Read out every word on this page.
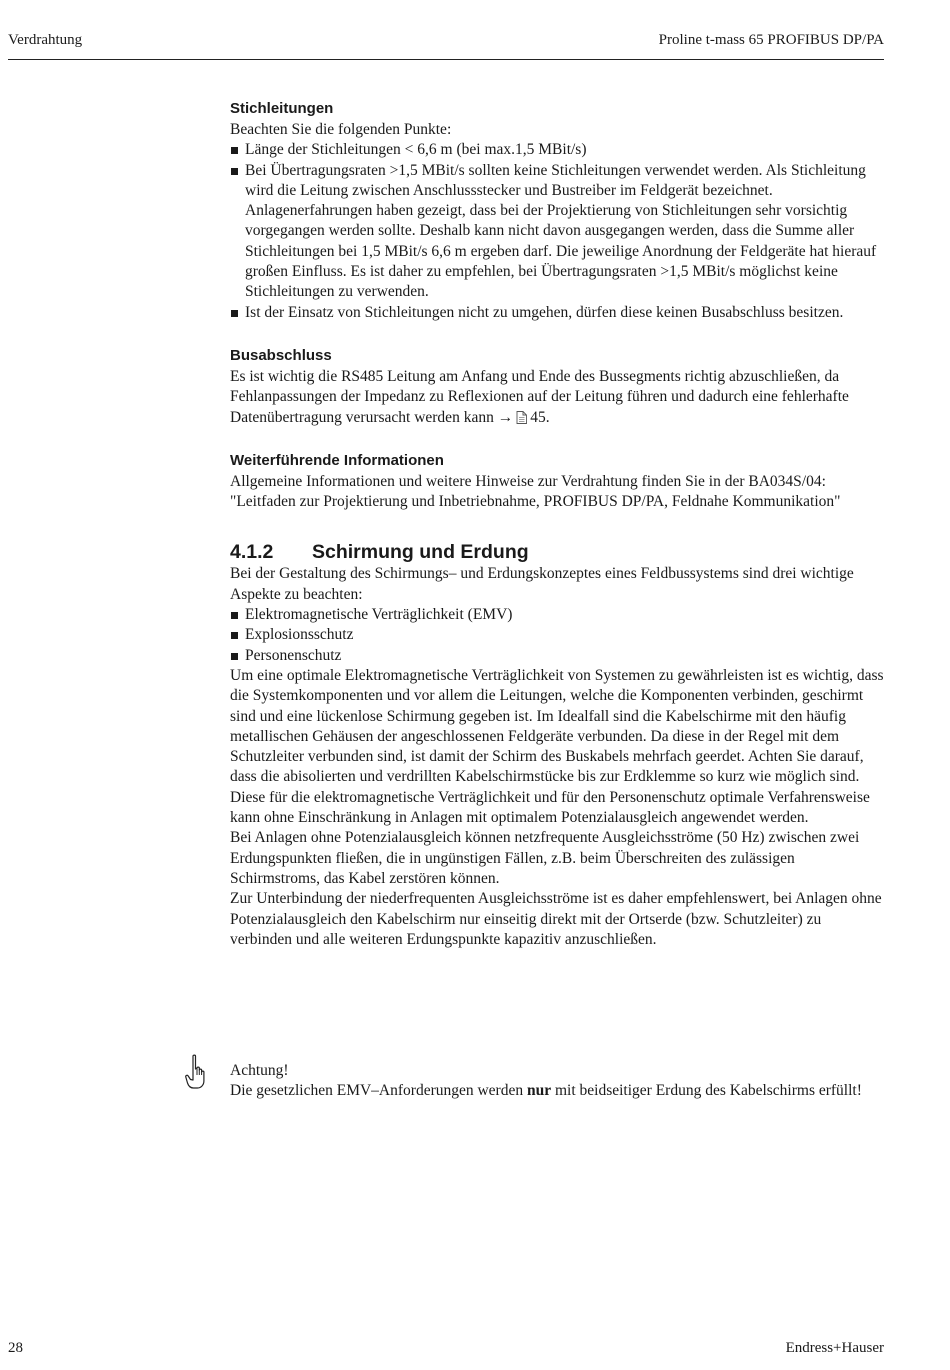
Verdrahtung	Proline t-mass 65 PROFIBUS DP/PA
Stichleitungen

Beachten Sie die folgenden Punkte:

Länge der Stichleitungen < 6,6 m (bei max.1,5 MBit/s)
Bei Übertragungsraten >1,5 MBit/s sollten keine Stichleitungen verwendet werden. Als Stichleitung wird die Leitung zwischen Anschlussstecker und Bustreiber im Feldgerät bezeichnet. Anlagenerfahrungen haben gezeigt, dass bei der Projektierung von Stichleitungen sehr vorsichtig vorgegangen werden sollte. Deshalb kann nicht davon ausgegangen werden, dass die Summe aller Stichleitungen bei 1,5 MBit/s 6,6 m ergeben darf. Die jeweilige Anordnung der Feldgeräte hat hierauf großen Einfluss. Es ist daher zu empfehlen, bei Übertragungsraten >1,5 MBit/s möglichst keine Stichleitungen zu verwenden.
Ist der Einsatz von Stichleitungen nicht zu umgehen, dürfen diese keinen Busabschluss besitzen.
Busabschluss

Es ist wichtig die RS485 Leitung am Anfang und Ende des Bussegments richtig abzuschließen, da Fehlanpassungen der Impedanz zu Reflexionen auf der Leitung führen und dadurch eine fehlerhafte Datenübertragung verursacht werden kann → 45.

Weiterführende Informationen

Allgemeine Informationen und weitere Hinweise zur Verdrahtung finden Sie in der BA034S/04: "Leitfaden zur Projektierung und Inbetriebnahme, PROFIBUS DP/PA, Feldnahe Kommunikation"

4.1.2	Schirmung und Erdung

Bei der Gestaltung des Schirmungs– und Erdungskonzeptes eines Feldbussystems sind drei wichtige Aspekte zu beachten:

Elektromagnetische Verträglichkeit (EMV)
Explosionsschutz
Personenschutz

Um eine optimale Elektromagnetische Verträglichkeit von Systemen zu gewährleisten ist es wichtig, dass die Systemkomponenten und vor allem die Leitungen, welche die Komponenten verbinden, geschirmt sind und eine lückenlose Schirmung gegeben ist. Im Idealfall sind die Kabelschirme mit den häufig metallischen Gehäusen der angeschlossenen Feldgeräte verbunden. Da diese in der Regel mit dem Schutzleiter verbunden sind, ist damit der Schirm des Buskabels mehrfach geerdet. Achten Sie darauf, dass die abisolierten und verdrillten Kabelschirmstücke bis zur Erdklemme so kurz wie möglich sind.

Diese für die elektromagnetische Verträglichkeit und für den Personenschutz optimale Verfahrensweise kann ohne Einschränkung in Anlagen mit optimalem Potenzialausgleich angewendet werden.

Bei Anlagen ohne Potenzialausgleich können netzfrequente Ausgleichsströme (50 Hz) zwischen zwei Erdungspunkten fließen, die in ungünstigen Fällen, z.B. beim Überschreiten des zulässigen Schirmstroms, das Kabel zerstören können.

Zur Unterbindung der niederfrequenten Ausgleichsströme ist es daher empfehlenswert, bei Anlagen ohne Potenzialausgleich den Kabelschirm nur einseitig direkt mit der Ortserde (bzw. Schutzleiter) zu verbinden und alle weiteren Erdungspunkte kapazitiv anzuschließen.

Achtung!

Die gesetzlichen EMV–Anforderungen werden nur mit beidseitiger Erdung des Kabelschirms erfüllt!

28	Endress+Hauser
